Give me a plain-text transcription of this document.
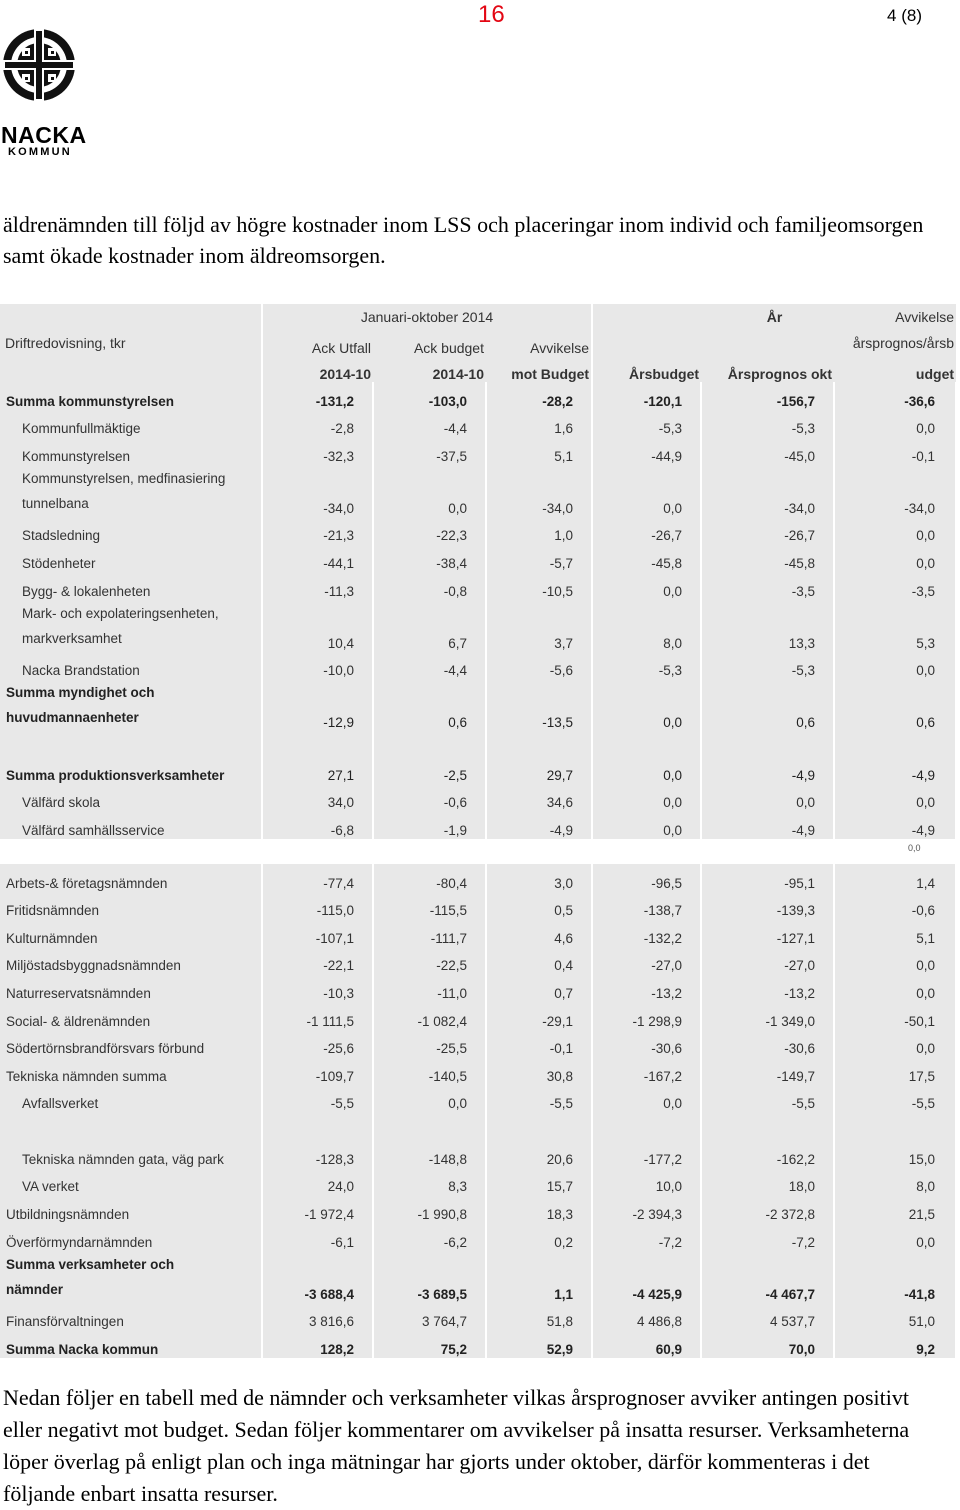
16	4 (8)
NACKA
KOMMUN
äldrenämnden till följd av högre kostnader inom LSS och placeringar inom individ och familjeomsorgen samt ökade kostnader inom äldreomsorgen.
Driftredovisning, tkr	Januari-oktober 2014			År		
	Ack Utfall	Ack budget	Avvikelse			Avvikelse
årsprognos/årsb

	2014-10	2014-10	mot Budget	Årsbudget	Årsprognos okt	udget
Summa kommunstyrelsen	-131,2	-103,0	-28,2	-120,1	-156,7	-36,6
Kommunfullmäktige	-2,8	-4,4	1,6	-5,3	-5,3	0,0
Kommunstyrelsen	-32,3	-37,5	5,1	-44,9	-45,0	-0,1

Kommunstyrelsen, medfinasiering
tunnelbana	-34,0	0,0	-34,0	0,0	-34,0	-34,0
Stadsledning	-21,3	-22,3	1,0	-26,7	-26,7	0,0
Stödenheter	-44,1	-38,4	-5,7	-45,8	-45,8	0,0
Bygg- & lokalenheten	-11,3	-0,8	-10,5	0,0	-3,5	-3,5

Mark- och expolateringsenheten,
markverksamhet	10,4	6,7	3,7	8,0	13,3	5,3
Nacka Brandstation	-10,0	-4,4	-5,6	-5,3	-5,3	0,0

Summa myndighet och
huvudmannaenheter	-12,9	0,6	-13,5	0,0	0,6	0,6

Summa produktionsverksamheter	27,1	-2,5	29,7	0,0	-4,9	-4,9
Välfärd skola	34,0	-0,6	34,6	0,0	0,0	0,0
Välfärd samhällsservice	-6,8	-1,9	-4,9	0,0	-4,9	-4,9

Arbets-& företagsnämnden	-77,4	-80,4	3,0	-96,5	-95,1	1,4
Fritidsnämnden	-115,0	-115,5	0,5	-138,7	-139,3	-0,6
Kulturnämnden	-107,1	-111,7	4,6	-132,2	-127,1	5,1
Miljöstadsbyggnadsnämnden	-22,1	-22,5	0,4	-27,0	-27,0	0,0
Naturreservatsnämnden	-10,3	-11,0	0,7	-13,2	-13,2	0,0
Social- & äldrenämnden	-1 111,5	-1 082,4	-29,1	-1 298,9	-1 349,0	-50,1
Södertörnsbrandförsvars förbund	-25,6	-25,5	-0,1	-30,6	-30,6	0,0
Tekniska nämnden summa	-109,7	-140,5	30,8	-167,2	-149,7	17,5
Avfallsverket	-5,5	0,0	-5,5	0,0	-5,5	-5,5

Tekniska nämnden gata, väg park	-128,3	-148,8	20,6	-177,2	-162,2	15,0
VA verket	24,0	8,3	15,7	10,0	18,0	8,0
Utbildningsnämnden	-1 972,4	-1 990,8	18,3	-2 394,3	-2 372,8	21,5
Överförmyndarnämnden	-6,1	-6,2	0,2	-7,2	-7,2	0,0

Summa verksamheter och
nämnder	-3 688,4	-3 689,5	1,1	-4 425,9	-4 467,7	-41,8
Finansförvaltningen	3 816,6	3 764,7	51,8	4 486,8	4 537,7	51,0
Summa Nacka kommun	128,2	75,2	52,9	60,9	70,0	9,2
0,0
Nedan följer en tabell med de nämnder och verksamheter vilkas årsprognoser avviker antingen positivt eller negativt mot budget. Sedan följer kommentarer om avvikelser på insatta resurser. Verksamheterna löper överlag på enligt plan och inga mätningar har gjorts under oktober, därför kommenteras i det följande enbart insatta resurser.
